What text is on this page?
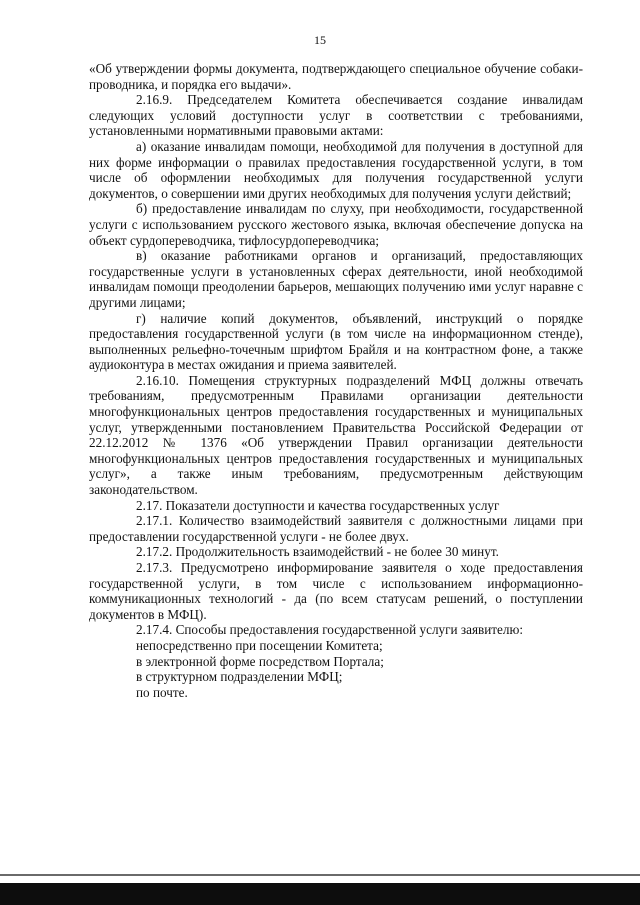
15

«Об утверждении формы документа, подтверждающего специальное обучение собаки-проводника, и порядка его выдачи».

2.16.9. Председателем Комитета обеспечивается создание инвалидам следующих условий доступности услуг в соответствии с требованиями, установленными нормативными правовыми актами:

а) оказание инвалидам помощи, необходимой для получения в доступной для них форме информации о правилах предоставления государственной услуги, в том числе об оформлении необходимых для получения государственной услуги документов, о совершении ими других необходимых для получения услуги действий;

б) предоставление инвалидам по слуху, при необходимости, государственной услуги с использованием русского жестового языка, включая обеспечение допуска на объект сурдопереводчика, тифлосурдопереводчика;

в) оказание работниками органов и организаций, предоставляющих государственные услуги в установленных сферах деятельности, иной необходимой инвалидам помощи преодолении барьеров, мешающих получению ими услуг наравне с другими лицами;

г) наличие копий документов, объявлений, инструкций о порядке предоставления государственной услуги (в том числе на информационном стенде), выполненных рельефно-точечным шрифтом Брайля и на контрастном фоне, а также аудиоконтура в местах ожидания и приема заявителей.

2.16.10. Помещения структурных подразделений МФЦ должны отвечать требованиям, предусмотренным Правилами организации деятельности многофункциональных центров предоставления государственных и муниципальных услуг, утвержденными постановлением Правительства Российской Федерации от 22.12.2012 № 1376 «Об утверждении Правил организации деятельности многофункциональных центров предоставления государственных и муниципальных услуг», а также иным требованиям, предусмотренным действующим законодательством.

2.17. Показатели доступности и качества государственных услуг

2.17.1. Количество взаимодействий заявителя с должностными лицами при предоставлении государственной услуги - не более двух.

2.17.2. Продолжительность взаимодействий - не более 30 минут.

2.17.3. Предусмотрено информирование заявителя о ходе предоставления государственной услуги, в том числе с использованием информационно-коммуникационных технологий - да (по всем статусам решений, о поступлении документов в МФЦ).

2.17.4. Способы предоставления государственной услуги заявителю:

непосредственно при посещении Комитета;

в электронной форме посредством Портала;

в структурном подразделении МФЦ;

по почте.
